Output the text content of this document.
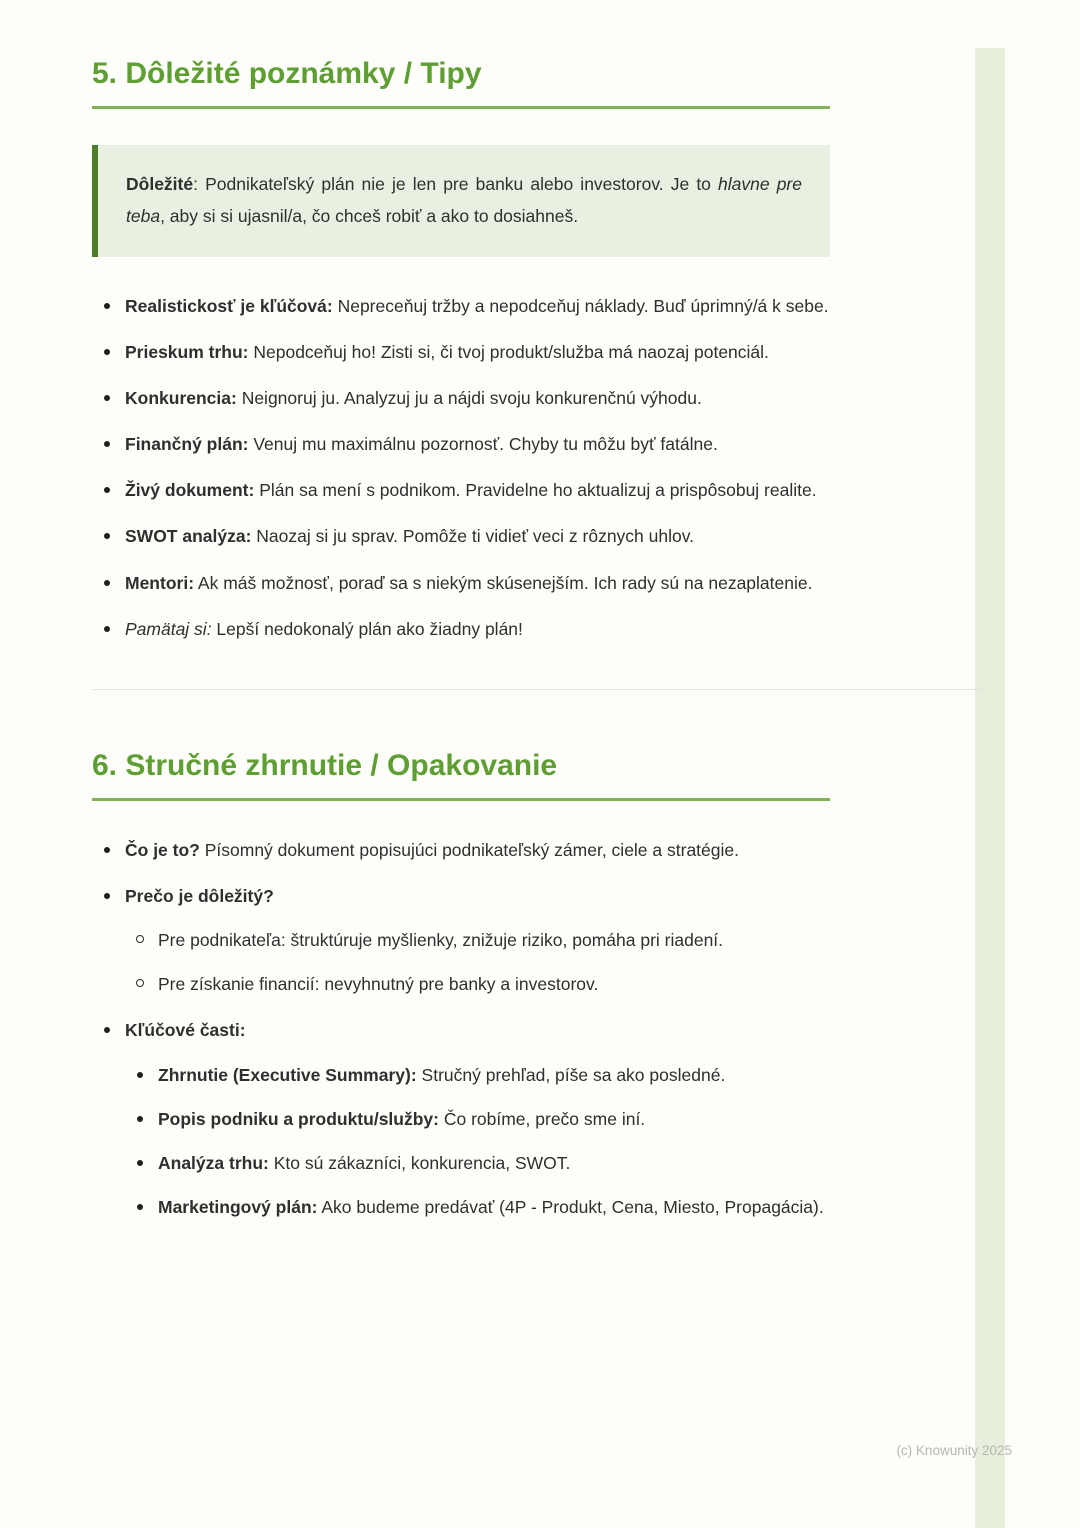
5. Dôležité poznámky / Tipy

Dôležité: Podnikateľský plán nie je len pre banku alebo investorov. Je to hlavne pre teba, aby si si ujasnil/a, čo chceš robiť a ako to dosiahneš.

Realistickosť je kľúčová: Nepreceňuj tržby a nepodceňuj náklady. Buď úprimný/á k sebe.
Prieskum trhu: Nepodceňuj ho! Zisti si, či tvoj produkt/služba má naozaj potenciál.
Konkurencia: Neignoruj ju. Analyzuj ju a nájdi svoju konkurenčnú výhodu.
Finančný plán: Venuj mu maximálnu pozornosť. Chyby tu môžu byť fatálne.
Živý dokument: Plán sa mení s podnikom. Pravidelne ho aktualizuj a prispôsobuj realite.
SWOT analýza: Naozaj si ju sprav. Pomôže ti vidieť veci z rôznych uhlov.
Mentori: Ak máš možnosť, poraď sa s niekým skúsenejším. Ich rady sú na nezaplatenie.
Pamätaj si: Lepší nedokonalý plán ako žiadny plán!
6. Stručné zhrnutie / Opakovanie
Čo je to? Písomný dokument popisujúci podnikateľský zámer, ciele a stratégie.
Prečo je dôležitý?
Pre podnikateľa: štruktúruje myšlienky, znižuje riziko, pomáha pri riadení.
Pre získanie financií: nevyhnutný pre banky a investorov.
Kľúčové časti:
Zhrnutie (Executive Summary): Stručný prehľad, píše sa ako posledné.
Popis podniku a produktu/služby: Čo robíme, prečo sme iní.
Analýza trhu: Kto sú zákazníci, konkurencia, SWOT.
Marketingový plán: Ako budeme predávať (4P - Produkt, Cena, Miesto, Propagácia).
(c) Knowunity 2025
